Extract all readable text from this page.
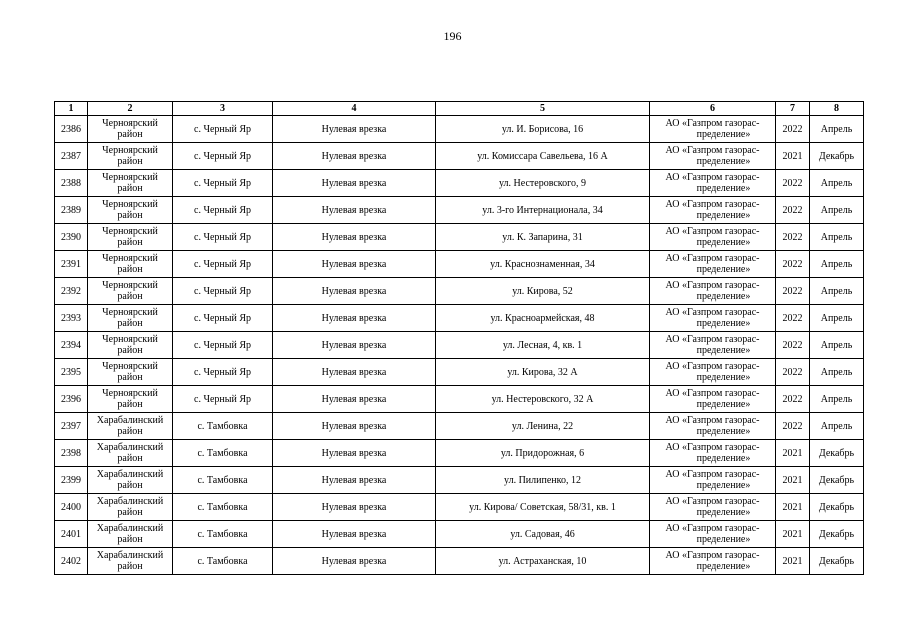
196
1	2	3	4	5	6	7	8
2386	Черноярский район	с. Черный Яр	Нулевая врезка	ул. И. Борисова, 16	АО «Газпром газорас-
пределение»	2022	Апрель
2387	Черноярский район	с. Черный Яр	Нулевая врезка	ул. Комиссара Савельева, 16 А	АО «Газпром газорас-
пределение»	2021	Декабрь
2388	Черноярский район	с. Черный Яр	Нулевая врезка	ул. Нестеровского, 9	АО «Газпром газорас-
пределение»	2022	Апрель
2389	Черноярский район	с. Черный Яр	Нулевая врезка	ул. 3-го Интернационала, 34	АО «Газпром газорас-
пределение»	2022	Апрель
2390	Черноярский район	с. Черный Яр	Нулевая врезка	ул. К. Запарина, 31	АО «Газпром газорас-
пределение»	2022	Апрель
2391	Черноярский район	с. Черный Яр	Нулевая врезка	ул. Краснознаменная, 34	АО «Газпром газорас-
пределение»	2022	Апрель
2392	Черноярский район	с. Черный Яр	Нулевая врезка	ул. Кирова, 52	АО «Газпром газорас-
пределение»	2022	Апрель
2393	Черноярский район	с. Черный Яр	Нулевая врезка	ул. Красноармейская, 48	АО «Газпром газорас-
пределение»	2022	Апрель
2394	Черноярский район	с. Черный Яр	Нулевая врезка	ул. Лесная, 4, кв. 1	АО «Газпром газорас-
пределение»	2022	Апрель
2395	Черноярский район	с. Черный Яр	Нулевая врезка	ул. Кирова, 32 А	АО «Газпром газорас-
пределение»	2022	Апрель
2396	Черноярский район	с. Черный Яр	Нулевая врезка	ул. Нестеровского, 32 А	АО «Газпром газорас-
пределение»	2022	Апрель
2397	Харабалинский район	с. Тамбовка	Нулевая врезка	ул. Ленина, 22	АО «Газпром газорас-
пределение»	2022	Апрель
2398	Харабалинский район	с. Тамбовка	Нулевая врезка	ул. Придорожная, 6	АО «Газпром газорас-
пределение»	2021	Декабрь
2399	Харабалинский район	с. Тамбовка	Нулевая врезка	ул. Пилипенко, 12	АО «Газпром газорас-
пределение»	2021	Декабрь
2400	Харабалинский район	с. Тамбовка	Нулевая врезка	ул. Кирова/ Советская, 58/31, кв. 1	АО «Газпром газорас-
пределение»	2021	Декабрь
2401	Харабалинский район	с. Тамбовка	Нулевая врезка	ул. Садовая, 46	АО «Газпром газорас-
пределение»	2021	Декабрь
2402	Харабалинский район	с. Тамбовка	Нулевая врезка	ул. Астраханская, 10	АО «Газпром газорас-
пределение»	2021	Декабрь
